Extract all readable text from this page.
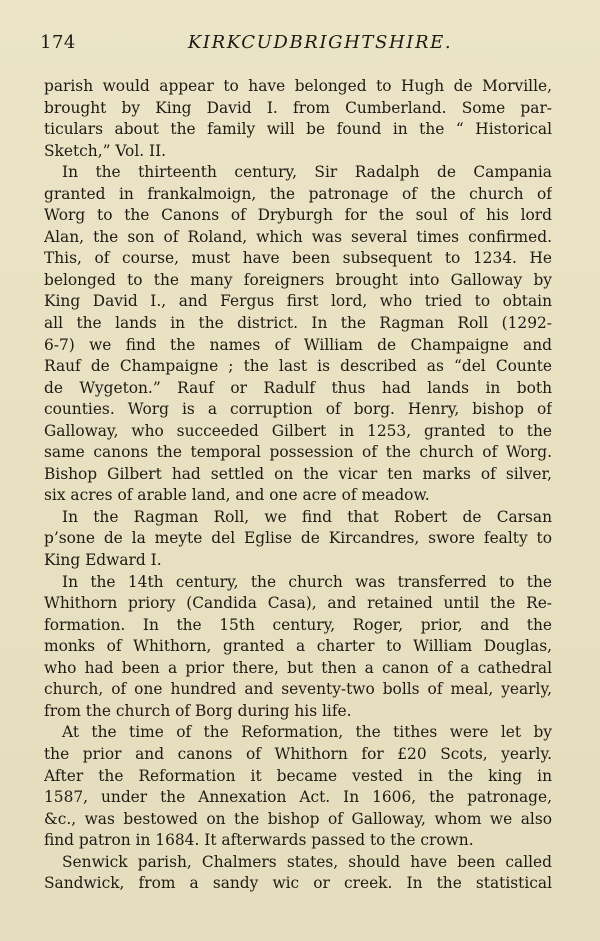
174	KIRKCUDBRIGHTSHIRE.
parish would appear to have belonged to Hugh de Morville,
brought by King David I. from Cumberland. Some par-
ticulars about the family will be found in the “ Historical
Sketch,” Vol. II.
In the thirteenth century, Sir Radalph de Campania
granted in frankalmoign, the patronage of the church of
Worg to the Canons of Dryburgh for the soul of his lord
Alan, the son of Roland, which was several times confirmed.
This, of course, must have been subsequent to 1234. He
belonged to the many foreigners brought into Galloway by
King David I., and Fergus first lord, who tried to obtain
all the lands in the district. In the Ragman Roll (1292-
6-7) we find the names of William de Champaigne and
Rauf de Champaigne ; the last is described as “del Counte
de Wygeton.” Rauf or Radulf thus had lands in both
counties. Worg is a corruption of borg. Henry, bishop of
Galloway, who succeeded Gilbert in 1253, granted to the
same canons the temporal possession of the church of Worg.
Bishop Gilbert had settled on the vicar ten marks of silver,
six acres of arable land, and one acre of meadow.
In the Ragman Roll, we find that Robert de Carsan
p’sone de la meyte del Eglise de Kircandres, swore fealty to
King Edward I.
In the 14th century, the church was transferred to the
Whithorn priory (Candida Casa), and retained until the Re-
formation. In the 15th century, Roger, prior, and the
monks of Whithorn, granted a charter to William Douglas,
who had been a prior there, but then a canon of a cathedral
church, of one hundred and seventy-two bolls of meal, yearly,
from the church of Borg during his life.
At the time of the Reformation, the tithes were let by
the prior and canons of Whithorn for £20 Scots, yearly.
After the Reformation it became vested in the king in
1587, under the Annexation Act. In 1606, the patronage,
&c., was bestowed on the bishop of Galloway, whom we also
find patron in 1684. It afterwards passed to the crown.
Senwick parish, Chalmers states, should have been called
Sandwick, from a sandy wic or creek. In the statistical
